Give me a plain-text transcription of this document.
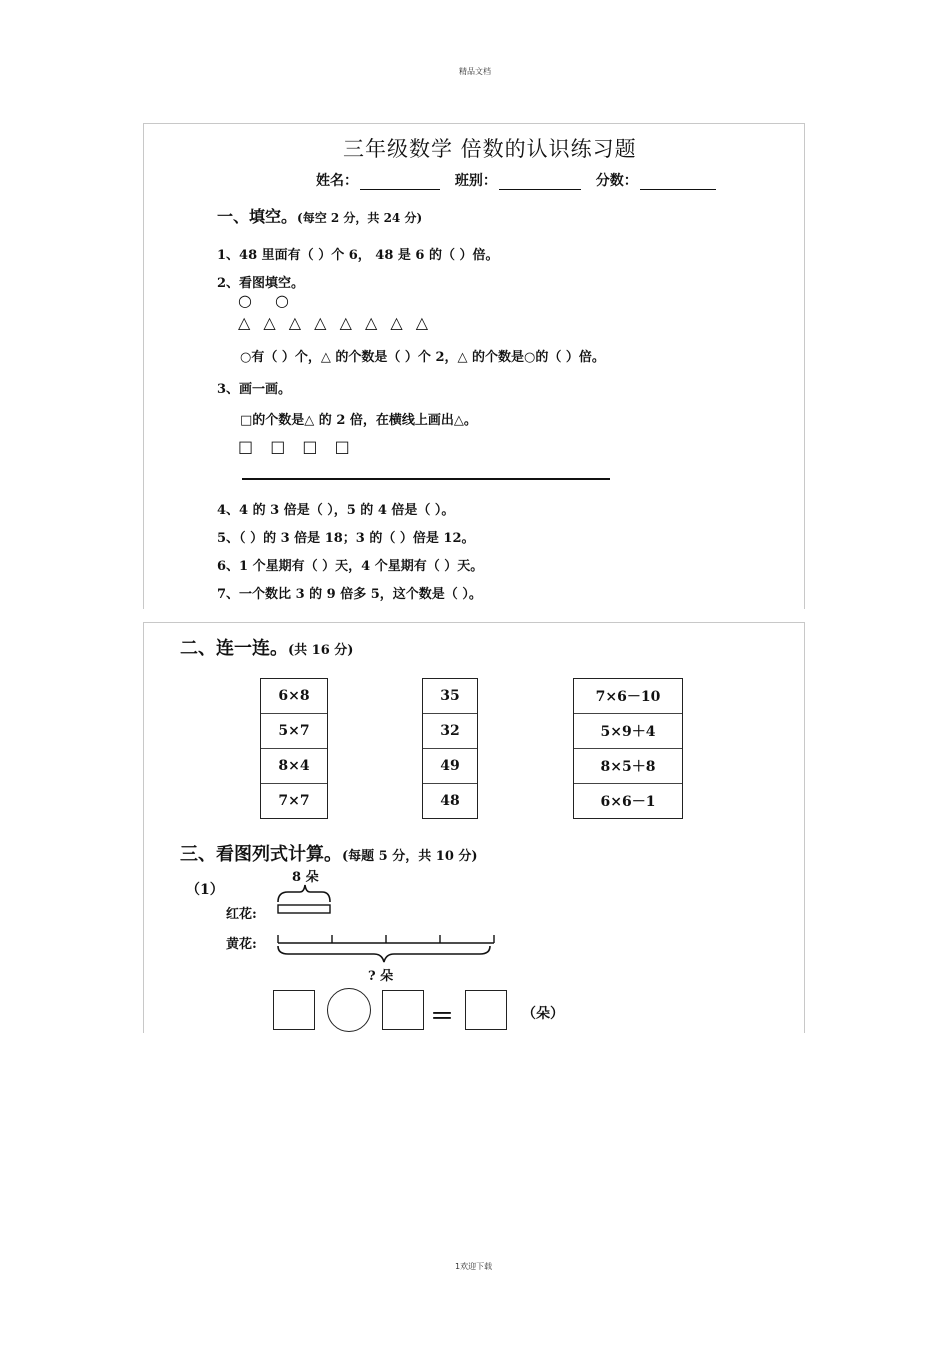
精品文档
1欢迎下载
三年级数学 倍数的认识练习题
姓名：	班别：	分数：
一、填空。(每空 2 分，共 24 分)
1、48 里面有（ ）个 6， 48 是 6 的（ ）倍。
2、看图填空。
○ ○
△ △ △ △ △ △ △ △
○有（ ）个，△ 的个数是（ ）个 2，△ 的个数是○的（ ）倍。
3、画一画。
□的个数是△ 的 2 倍，在横线上画出△。
□ □ □ □
4、4 的 3 倍是（ ），5 的 4 倍是（ ）。
5、（ ）的 3 倍是 18；3 的（ ）倍是 12。
6、1 个星期有（ ）天，4 个星期有（ ）天。
7、一个数比 3 的 9 倍多 5，这个数是（ ）。
二、连一连。(共 16 分)
6×8
5×7
8×4
7×7
35
32
49
48
7×6－10
5×9＋4
8×5＋8
6×6－1
三、看图列式计算。(每题 5 分，共 10 分)
（1）
8 朵
红花:
黄花:
? 朵
＝	（朵）
